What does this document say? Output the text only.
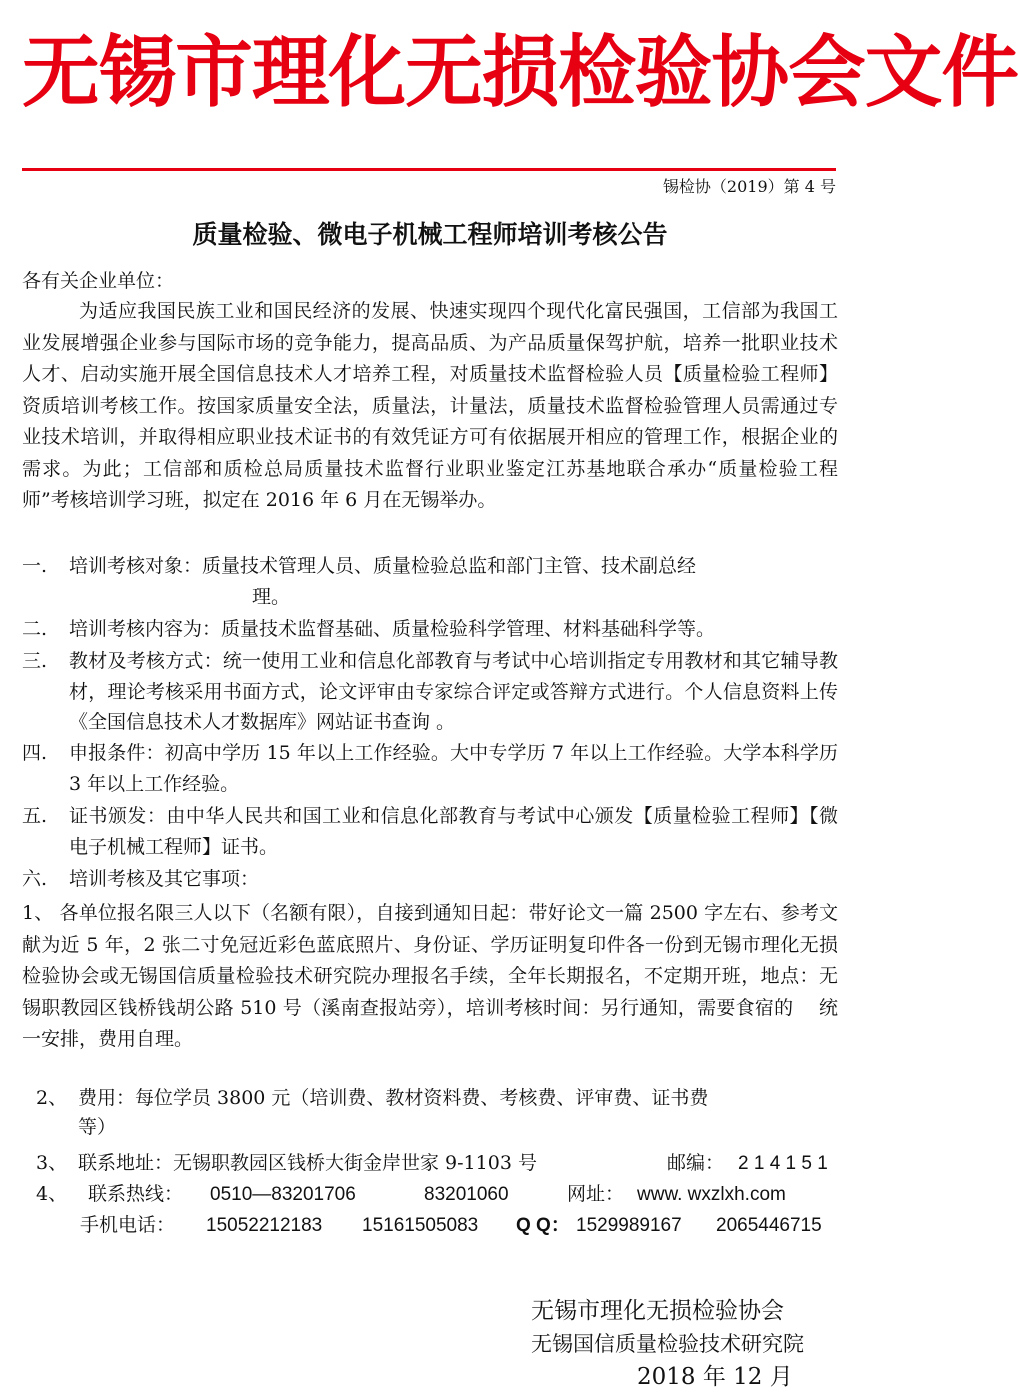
无锡市理化无损检验协会文件
锡检协（2019）第 4 号
质量检验、微电子机械工程师培训考核公告
各有关企业单位：
为适应我国民族工业和国民经济的发展、快速实现四个现代化富民强国，工信部为我国工业发展增强企业参与国际市场的竞争能力，提高品质、为产品质量保驾护航，培养一批职业技术人才、启动实施开展全国信息技术人才培养工程，对质量技术监督检验人员【质量检验工程师】资质培训考核工作。按国家质量安全法，质量法，计量法，质量技术监督检验管理人员需通过专业技术培训，并取得相应职业技术证书的有效凭证方可有依据展开相应的管理工作，根据企业的需求。为此；工信部和质检总局质量技术监督行业职业鉴定江苏基地联合承办“质量检验工程师”考核培训学习班，拟定在 2016 年 6 月在无锡举办。
一.	培训考核对象：质量技术管理人员、质量检验总监和部门主管、技术副总经
理。
二.	培训考核内容为：质量技术监督基础、质量检验科学管理、材料基础科学等。
三.	教材及考核方式：统一使用工业和信息化部教育与考试中心培训指定专用教材和其它辅导教材，理论考核采用书面方式，论文评审由专家综合评定或答辩方式进行。个人信息资料上传《全国信息技术人才数据库》网站证书查询 。
四.	申报条件：初高中学历 15 年以上工作经验。大中专学历 7 年以上工作经验。大学本科学历 3 年以上工作经验。
五.	证书颁发：由中华人民共和国工业和信息化部教育与考试中心颁发【质量检验工程师】【微电子机械工程师】证书。
六.	培训考核及其它事项：
1、 各单位报名限三人以下（名额有限），自接到通知日起：带好论文一篇 2500 字左右、参考文献为近 5 年，2 张二寸免冠近彩色蓝底照片、身份证、学历证明复印件各一份到无锡市理化无损检验协会或无锡国信质量检验技术研究院办理报名手续，全年长期报名，不定期开班，地点：无锡职教园区钱桥钱胡公路 510 号（溪南查报站旁），培训考核时间：另行通知，需要食宿的　 统一安排，费用自理。
2、 费用：每位学员 3800 元（培训费、教材资料费、考核费、评审费、证书费
等）
3、 联系地址：无锡职教园区钱桥大街金岸世家 9-1103 号	邮编： 2 1 4 1 5 1
4、 联系热线： 0510—83201706	83201060	网址： www. wxzlxh.com
手机电话： 15052212183 15161505083 Q Q： 1529989167 2065446715
无锡市理化无损检验协会
无锡国信质量检验技术研究院
2018 年 12 月
